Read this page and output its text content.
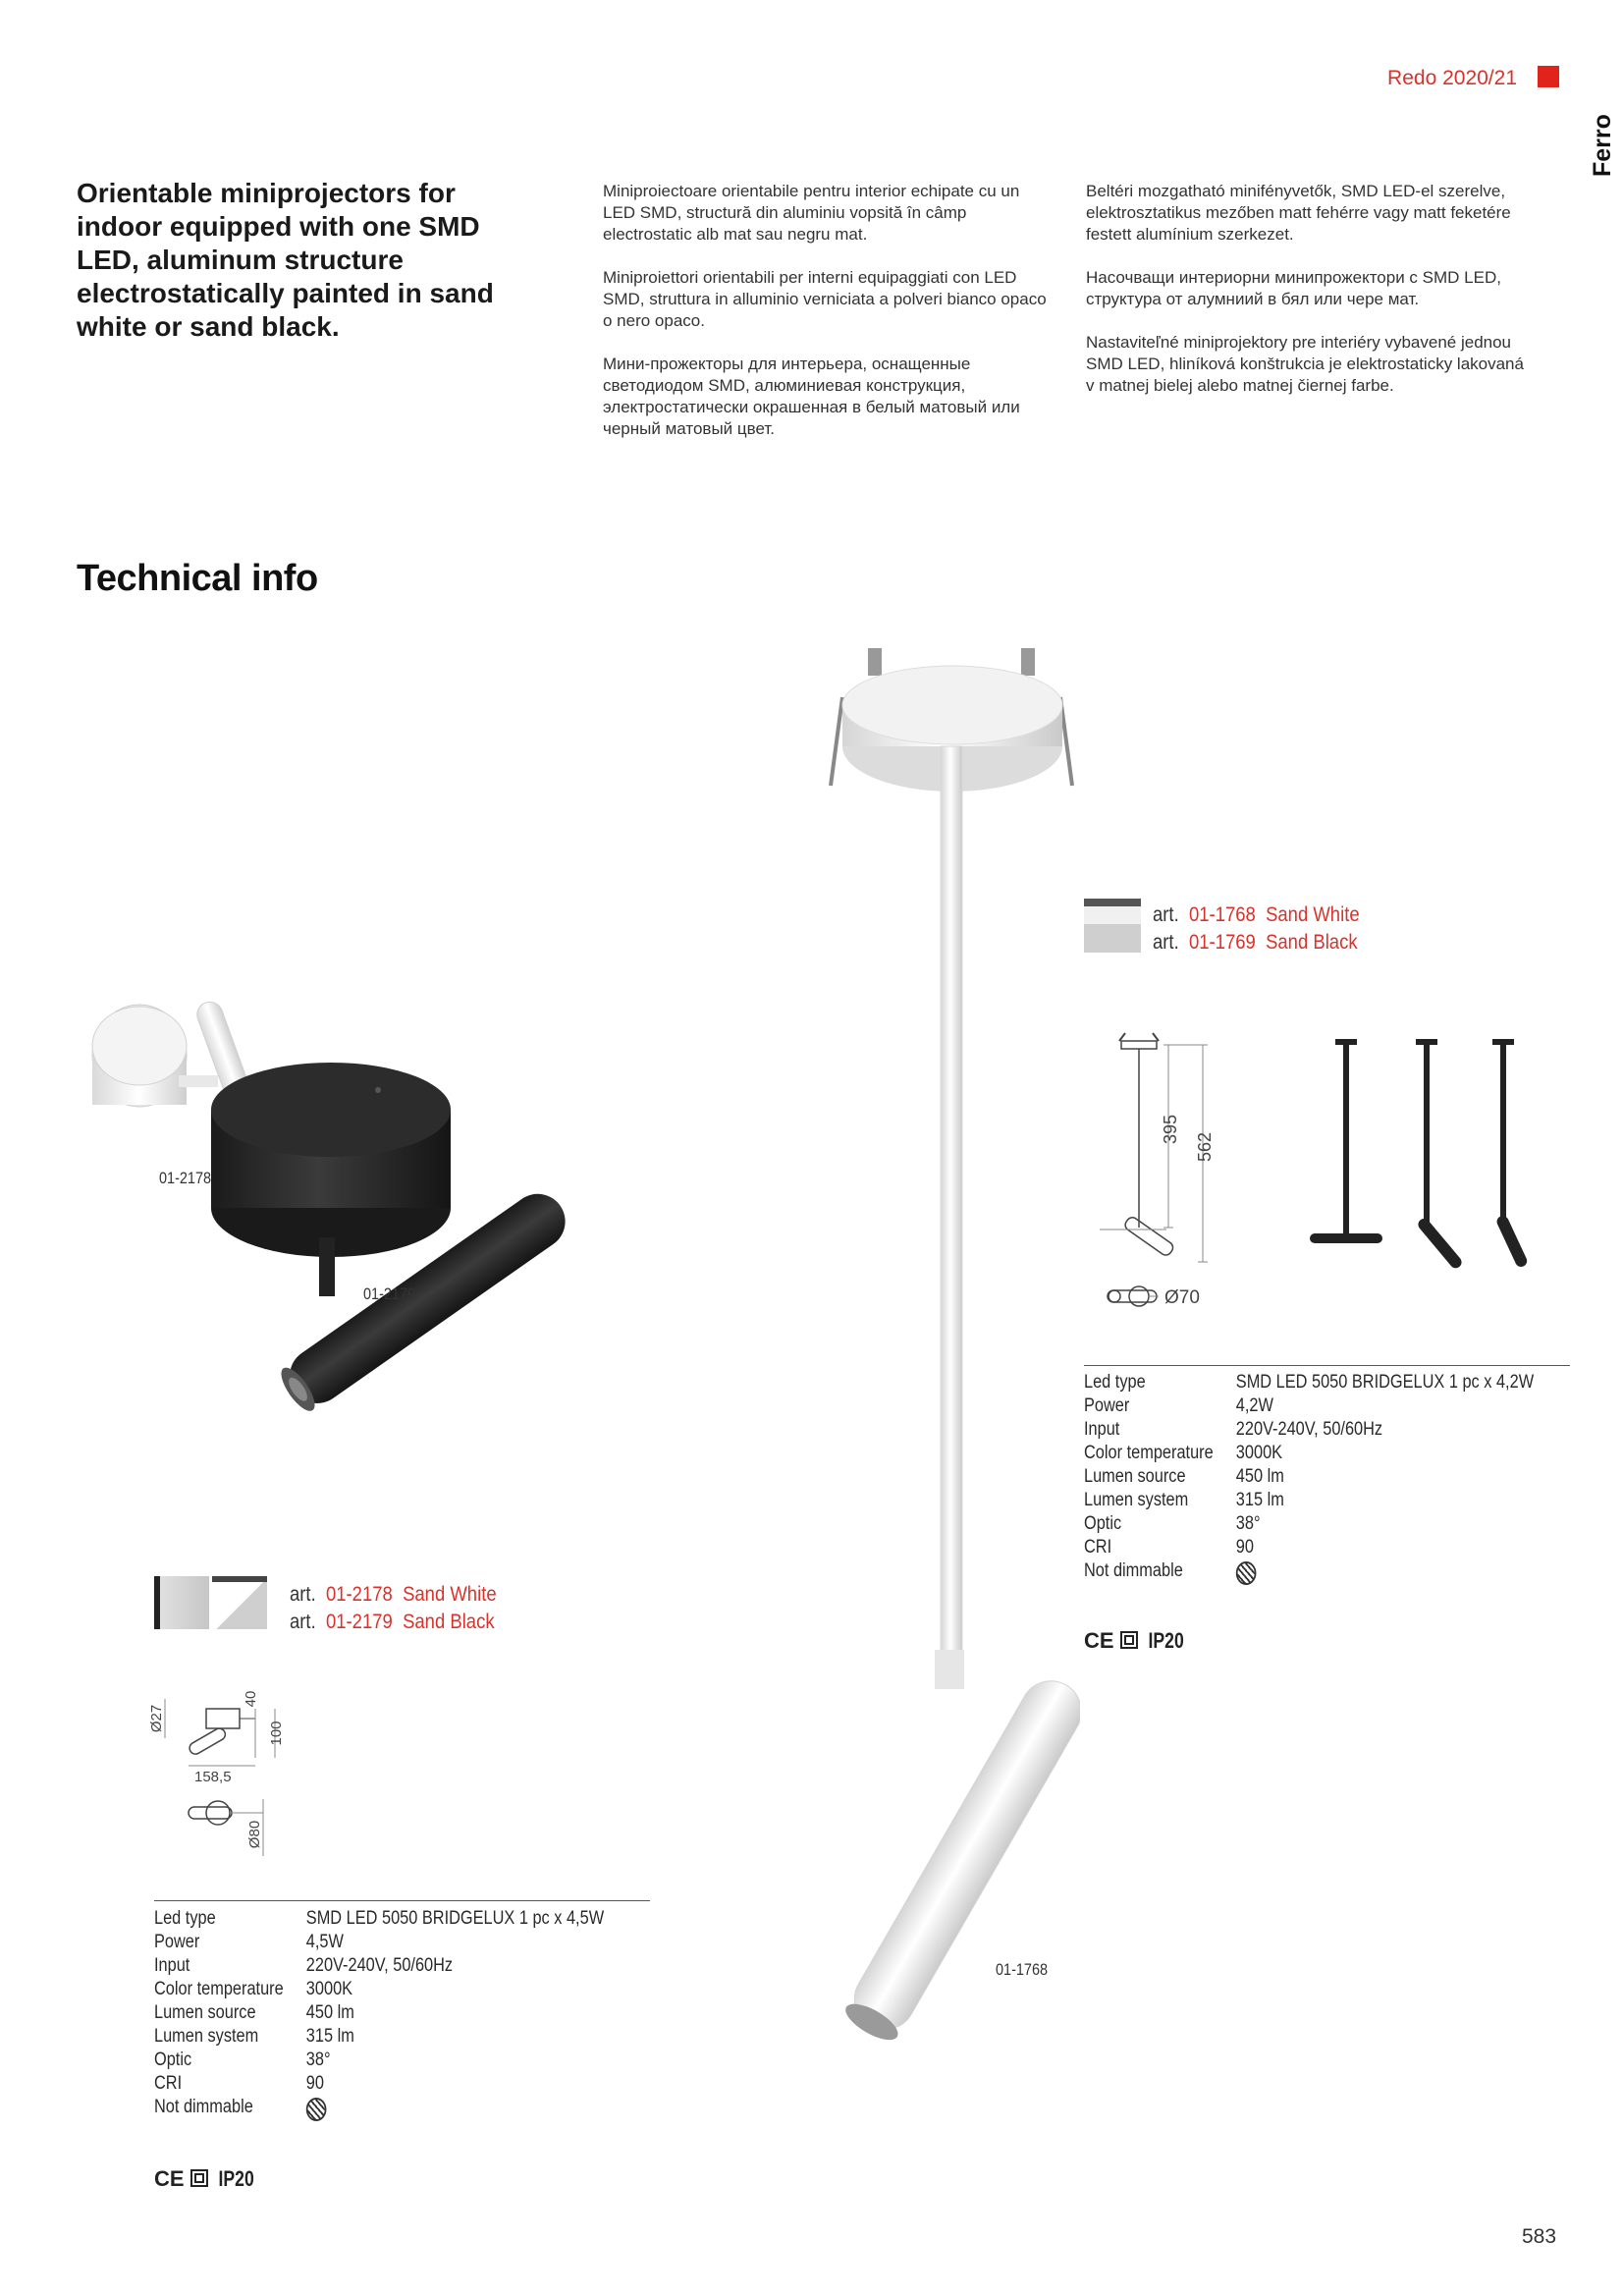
Redo 2020/21
Ferro
Orientable miniprojectors for indoor equipped with one SMD LED, aluminum structure electrostatically painted in sand white or sand black.

Miniproiectoare orientabile pentru interior echipate cu un LED SMD, structură din aluminiu vopsită în câmp electrostatic alb mat sau negru mat.

Miniproiettori orientabili per interni equipaggiati con LED SMD, struttura in alluminio verniciata a polveri bianco opaco o nero opaco.

Мини-прожекторы для интерьера, оснащенные светодиодом SMD, алюминиевая конструкция, электростатически окрашенная в белый матовый или черный матовый цвет.

Beltéri mozgatható minifényvetők, SMD LED-el szerelve, elektrosztatikus mezőben matt fehérre vagy matt feketére festett alumínium szerkezet.

Насочващи интериорни минипрожектори с SMD LED, структура от алумниий в бял или чере мат.

Nastaviteľné miniprojektory pre interiéry vybavené jednou SMD LED, hliníková konštrukcia je elektrostaticky lakovaná v matnej bielej alebo matnej čiernej farbe.

Technical info
01-2178
01-2179
01-1768
art. 01-1768 Sand White
art. 01-1769 Sand Black
395
562
Ø70
Led type	SMD LED 5050 BRIDGELUX 1 pc x 4,2W
Power	4,2W
Input	220V-240V, 50/60Hz
Color temperature	3000K
Lumen source	450 lm
Lumen system	315 lm
Optic	38°
CRI	90
Not dimmable
CE IP20
art. 01-2178 Sand White
art. 01-2179 Sand Black
Ø27
40
100
158,5
Ø80
Led type	SMD LED 5050 BRIDGELUX 1 pc x 4,5W
Power	4,5W
Input	220V-240V, 50/60Hz
Color temperature	3000K
Lumen source	450 lm
Lumen system	315 lm
Optic	38°
CRI	90
Not dimmable
CE IP20
583
